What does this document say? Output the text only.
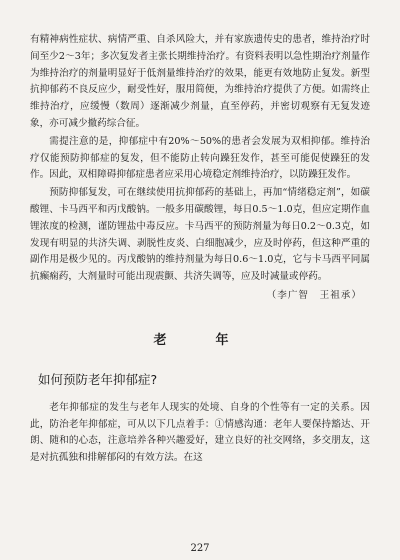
有精神病性症状、病情严重、自杀风险大，并有家族遗传史的患者，维持治疗时间至少2～3年；多次复发者主张长期维持治疗。有资料表明以急性期治疗剂量作为维持治疗的剂量明显好于低剂量维持治疗的效果，能更有效地防止复发。新型抗抑郁药不良反应少，耐受性好，服用简便，为维持治疗提供了方便。如需终止维持治疗，应缓慢（数周）逐渐减少剂量，直至停药，并密切观察有无复发迹象，亦可减少撤药综合征。

需提注意的是，抑郁症中有20%～50%的患者会发展为双相抑郁。维持治疗仅能预防抑郁症的复发，但不能防止转向躁狂发作，甚至可能促使躁狂的发作。因此，双相障碍抑郁症患者应采用心境稳定剂维持治疗，以防躁狂发作。

预防抑郁复发，可在继续使用抗抑郁药的基础上，再加“情绪稳定剂”，如碳酸锂、卡马西平和丙戊酸钠。一般多用碳酸锂，每日0.5～1.0克，但应定期作血锂浓度的检测，谨防锂盐中毒反应。卡马西平的预防剂量为每日0.2～0.3克，如发现有明显的共济失调、剥脱性皮炎、白细胞减少，应及时停药，但这种严重的副作用是极少见的。丙戊酸钠的维持剂量为每日0.6～1.0克，它与卡马西平同属抗癫痫药，大剂量时可能出现震颤、共济失调等，应及时减量或停药。

（李广智　王祖承）
老　年
如何预防老年抑郁症?

老年抑郁症的发生与老年人现实的处境、自身的个性等有一定的关系。因此，防治老年抑郁症，可从以下几点着手：①情感沟通：老年人要保持豁达、开朗、随和的心态，注意培养各种兴趣爱好，建立良好的社交网络，多交朋友，这是对抗孤独和排解郁闷的有效方法。在这

227
